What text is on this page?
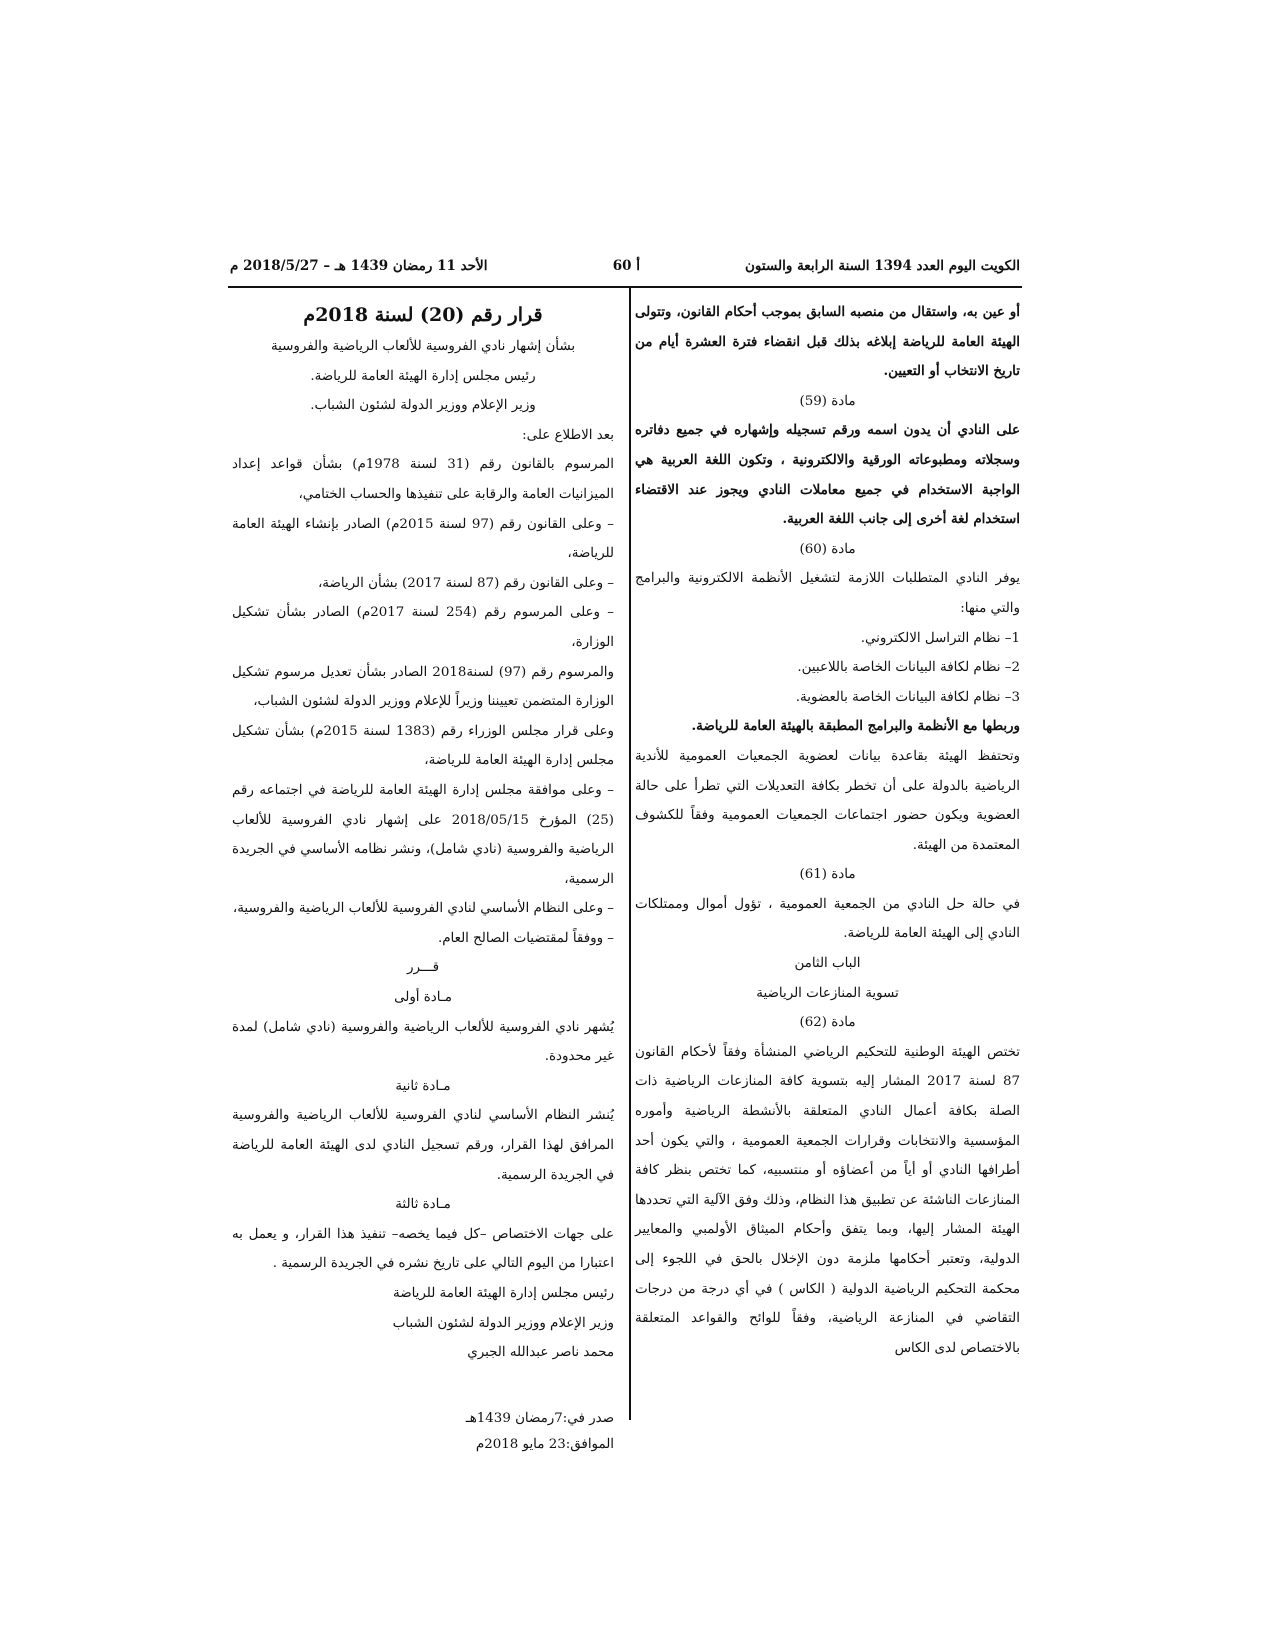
الكويت اليوم العدد 1394 السنة الرابعة والستون
أ 60
الأحد 11 رمضان 1439 هـ – 2018/5/27 م

أو عين به، واستقال من منصبه السابق بموجب أحكام القانون، وتتولى الهيئة العامة للرياضة إبلاغه بذلك قبل انقضاء فترة العشرة أيام من تاريخ الانتخاب أو التعيين.

مادة (59)

على النادي أن يدون اسمه ورقم تسجيله وإشهاره في جميع دفاتره وسجلاته ومطبوعاته الورقية والالكترونية ، وتكون اللغة العربية هي الواجبة الاستخدام في جميع معاملات النادي ويجوز عند الاقتضاء استخدام لغة أخرى إلى جانب اللغة العربية.

مادة (60)

يوفر النادي المتطلبات اللازمة لتشغيل الأنظمة الالكترونية والبرامج والتي منها:

1– نظام التراسل الالكتروني.

2– نظام لكافة البيانات الخاصة باللاعبين.

3– نظام لكافة البيانات الخاصة بالعضوية.

وربطها مع الأنظمة والبرامج المطبقة بالهيئة العامة للرياضة.

وتحتفظ الهيئة بقاعدة بيانات لعضوية الجمعيات العمومية للأندية الرياضية بالدولة على أن تخطر بكافة التعديلات التي تطرأ على حالة العضوية ويكون حضور اجتماعات الجمعيات العمومية وفقاً للكشوف المعتمدة من الهيئة.

مادة (61)

في حالة حل النادي من الجمعية العمومية ، تؤول أموال وممتلكات النادي إلى الهيئة العامة للرياضة.

الباب الثامن

تسوية المنازعات الرياضية

مادة (62)

تختص الهيئة الوطنية للتحكيم الرياضي المنشأة وفقاً لأحكام القانون 87 لسنة 2017 المشار إليه بتسوية كافة المنازعات الرياضية ذات الصلة بكافة أعمال النادي المتعلقة بالأنشطة الرياضية وأموره المؤسسية والانتخابات وقرارات الجمعية العمومية ، والتي يكون أحد أطرافها النادي أو أياً من أعضاؤه أو منتسبيه، كما تختص بنظر كافة المنازعات الناشئة عن تطبيق هذا النظام، وذلك وفق الآلية التي تحددها الهيئة المشار إليها، وبما يتفق وأحكام الميثاق الأولمبي والمعايير الدولية، وتعتبر أحكامها ملزمة دون الإخلال بالحق في اللجوء إلى محكمة التحكيم الرياضية الدولية ( الكاس ) في أي درجة من درجات التقاضي في المنازعة الرياضية، وفقاً للوائح والقواعد المتعلقة بالاختصاص لدى الكاس

قرار رقم (20) لسنة 2018م

بشأن إشهار نادي الفروسية للألعاب الرياضية والفروسية

رئيس مجلس إدارة الهيئة العامة للرياضة.

وزير الإعلام ووزير الدولة لشئون الشباب.

بعد الاطلاع على:

المرسوم بالقانون رقم (31 لسنة 1978م) بشأن قواعد إعداد الميزانيات العامة والرقابة على تنفيذها والحساب الختامي،

– وعلى القانون رقم (97 لسنة 2015م) الصادر بإنشاء الهيئة العامة للرياضة،

– وعلى القانون رقم (87 لسنة 2017) بشأن الرياضة،

– وعلى المرسوم رقم (254 لسنة 2017م) الصادر بشأن تشكيل الوزارة،

والمرسوم رقم (97) لسنة2018 الصادر بشأن تعديل مرسوم تشكيل الوزارة المتضمن تعييننا وزيراً للإعلام ووزير الدولة لشئون الشباب،

وعلى قرار مجلس الوزراء رقم (1383 لسنة 2015م) بشأن تشكيل مجلس إدارة الهيئة العامة للرياضة،

– وعلى موافقة مجلس إدارة الهيئة العامة للرياضة في اجتماعه رقم (25) المؤرخ 2018/05/15 على إشهار نادي الفروسية للألعاب الرياضية والفروسية (نادي شامل)، ونشر نظامه الأساسي في الجريدة الرسمية،

– وعلى النظام الأساسي لنادي الفروسية للألعاب الرياضية والفروسية،

– ووفقاً لمقتضيات الصالح العام.

قـــرر

مـادة أولى

يُشهر نادي الفروسية للألعاب الرياضية والفروسية (نادي شامل) لمدة غير محدودة.

مـادة ثانية

يُنشر النظام الأساسي لنادي الفروسية للألعاب الرياضية والفروسية المرافق لهذا القرار، ورقم تسجيل النادي لدى الهيئة العامة للرياضة في الجريدة الرسمية.

مـادة ثالثة

على جهات الاختصاص –كل فيما يخصه– تنفيذ هذا القرار، و يعمل به اعتبارا من اليوم التالي على تاريخ نشره في الجريدة الرسمية .

رئيس مجلس إدارة الهيئة العامة للرياضة

وزير الإعلام ووزير الدولة لشئون الشباب

محمد ناصر عبدالله الجبري

صدر في:7رمضان 1439هـ
الموافق:23 مايو 2018م
